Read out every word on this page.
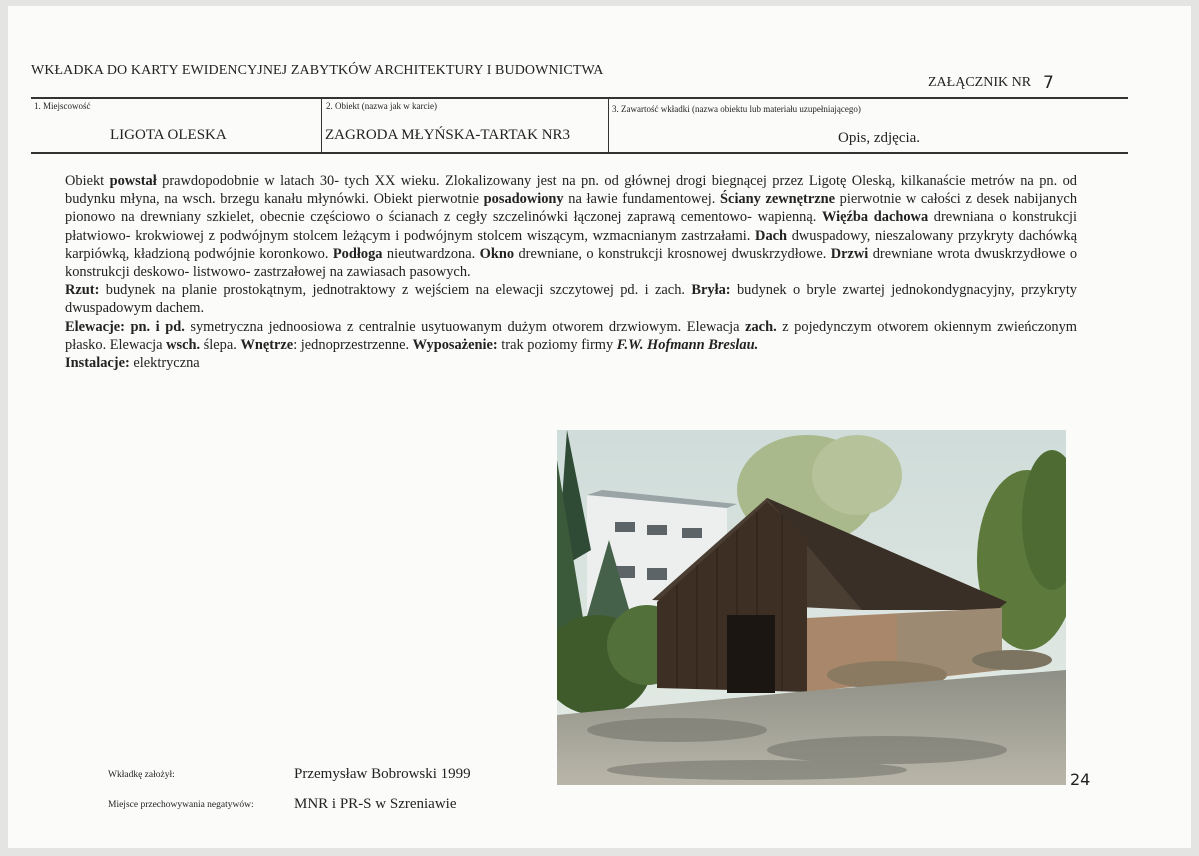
WKŁADKA DO KARTY EWIDENCYJNEJ ZABYTKÓW ARCHITEKTURY I BUDOWNICTWA
ZAŁĄCZNIK NR 7
1. Miejscowość
LIGOTA OLESKA
2. Obiekt (nazwa jak w karcie)
ZAGRODA MŁYŃSKA-TARTAK NR3
3. Zawartość wkładki (nazwa obiektu lub materiału uzupełniającego)
Opis, zdjęcia.

Obiekt powstał prawdopodobnie w latach 30- tych XX wieku. Zlokalizowany jest na pn. od głównej drogi biegnącej przez Ligotę Oleską, kilkanaście metrów na pn. od budynku młyna, na wsch. brzegu kanału młynówki. Obiekt pierwotnie posadowiony na ławie fundamentowej. Ściany zewnętrzne pierwotnie w całości z desek nabijanych pionowo na drewniany szkielet, obecnie częściowo o ścianach z cegły szczelinówki łączonej zaprawą cementowo- wapienną. Więźba dachowa drewniana o konstrukcji płatwiowo- krokwiowej z podwójnym stolcem leżącym i podwójnym stolcem wiszącym, wzmacnianym zastrzałami. Dach dwuspadowy, nieszalowany przykryty dachówką karpiówką, kładzioną podwójnie koronkowo. Podłoga nieutwardzona. Okno drewniane, o konstrukcji krosnowej dwuskrzydłowe. Drzwi drewniane wrota dwuskrzydłowe o konstrukcji deskowo- listwowo- zastrzałowej na zawiasach pasowych.

Rzut: budynek na planie prostokątnym, jednotraktowy z wejściem na elewacji szczytowej pd. i zach. Bryła: budynek o bryle zwartej jednokondygnacyjny, przykryty dwuspadowym dachem.

Elewacje: pn. i pd. symetryczna jednoosiowa z centralnie usytuowanym dużym otworem drzwiowym. Elewacja zach. z pojedynczym otworem okiennym zwieńczonym płasko. Elewacja wsch. ślepa. Wnętrze: jednoprzestrzenne. Wyposażenie: trak poziomy firmy F.W. Hofmann Breslau.

Instalacje: elektryczna

24
Wkładkę założył:	Przemysław Bobrowski 1999
Miejsce przechowywania negatywów:	MNR i PR-S w Szreniawie
